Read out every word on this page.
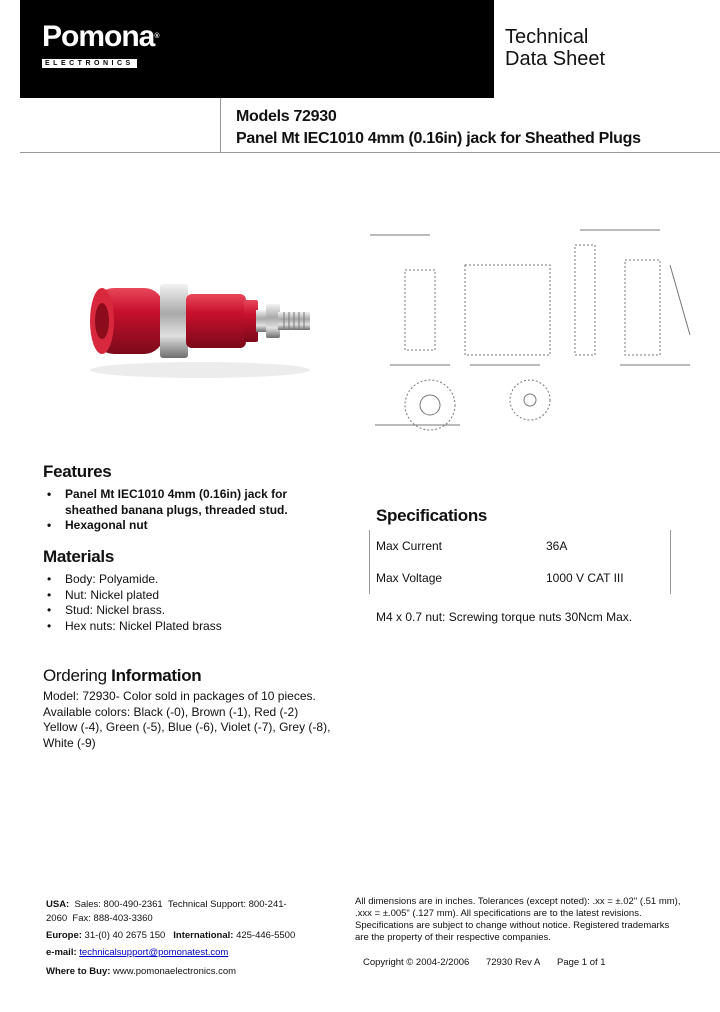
Pomona®
ELECTRONICS
Technical
Data Sheet
Models 72930
Panel Mt IEC1010 4mm (0.16in) jack for Sheathed Plugs
Features
• Panel Mt IEC1010 4mm (0.16in) jack for
sheathed banana plugs, threaded stud.
• Hexagonal nut
Materials
• Body: Polyamide.
• Nut: Nickel plated
• Stud: Nickel brass.
• Hex nuts: Nickel Plated brass
Specifications
Max Current	36A
Max Voltage	1000 V CAT III
M4 x 0.7 nut: Screwing torque nuts 30Ncm Max.
Ordering Information
Model: 72930- Color sold in packages of 10 pieces.
Available colors: Black (-0), Brown (-1), Red (-2)
Yellow (-4), Green (-5), Blue (-6), Violet (-7), Grey (-8),
White (-9)
USA: Sales: 800-490-2361 Technical Support: 800-241-
2060 Fax: 888-403-3360
Europe: 31-(0) 40 2675 150 International: 425-446-5500
e-mail: technicalsupport@pomonatest.com
Where to Buy: www.pomonaelectronics.com
All dimensions are in inches. Tolerances (except noted): .xx = ±.02" (.51 mm),
.xxx = ±.005" (.127 mm). All specifications are to the latest revisions.
Specifications are subject to change without notice. Registered trademarks
are the property of their respective companies.
Copyright © 2004-2/2006 72930 Rev A Page 1 of 1
